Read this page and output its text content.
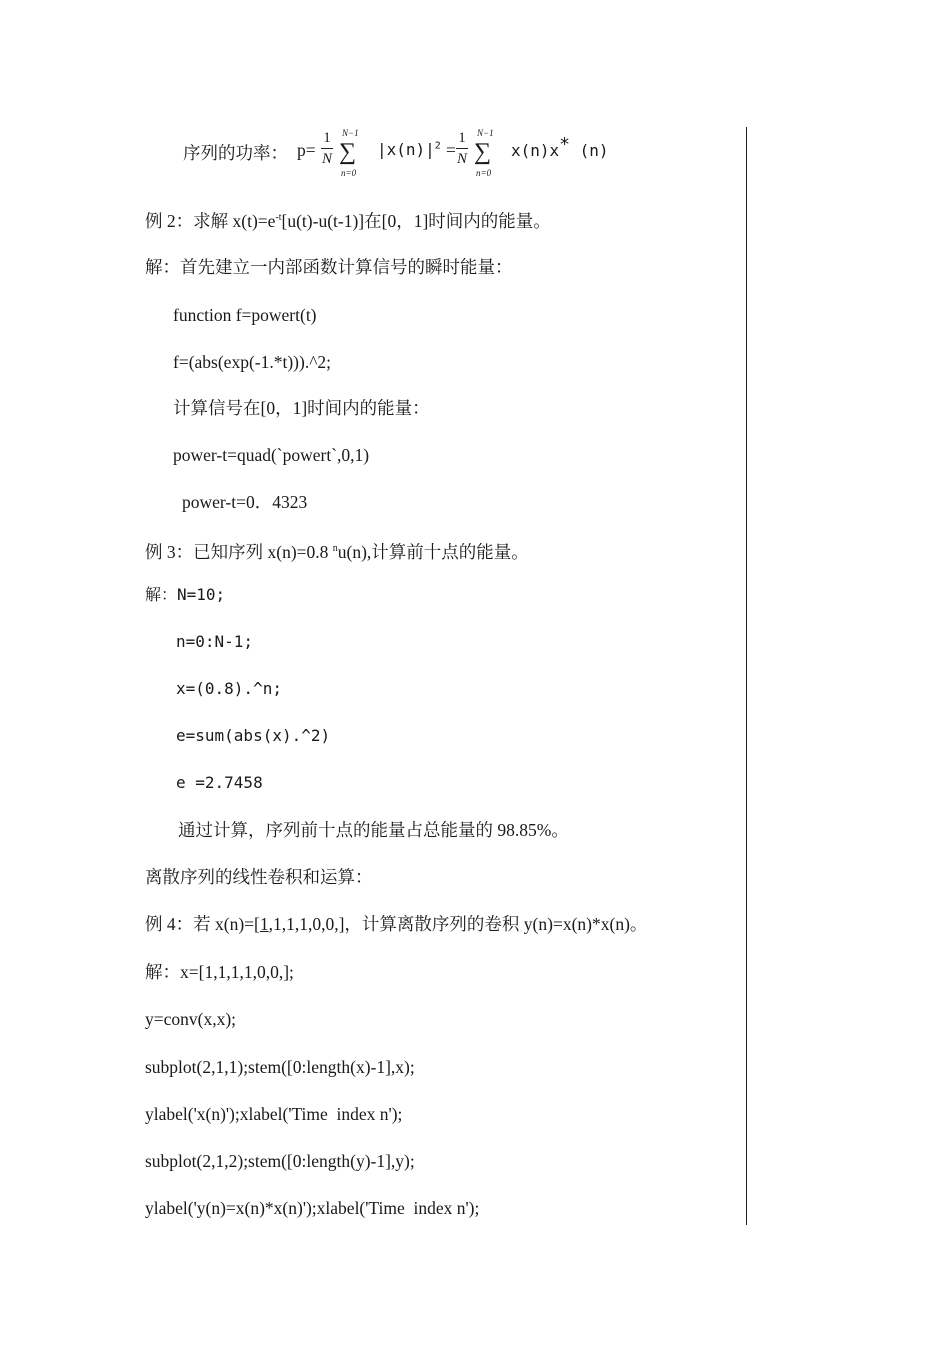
序列的功率： p=
1
N
N−1
∑
n=0
$|x(n)|^2$ =
1
N
N−1
∑
n=0
x(n)x* (n)
例 2：求解 $x(t)=e^{-t}[u(t)-u(t-1)]$在[0，1]时间内的能量。
解：首先建立一内部函数计算信号的瞬时能量：
function f=powert(t)
f=(abs(exp(-1.*t))).^2;
计算信号在[0，1]时间内的能量：
power-t=quad(`powert`,0,1)
power-t=0．4323
例 3：已知序列 x(n)=0.8 $^n$u(n),计算前十点的能量。
解：N=10;
n=0:N-1;
x=(0.8).^n;
e=sum(abs(x).^2)
e =2.7458
通过计算，序列前十点的能量占总能量的 98.85%。
离散序列的线性卷积和运算：
例 4：若 x(n)=[1,1,1,1,0,0,]，计算离散序列的卷积 y(n)=x(n)*x(n)。
解：x=[1,1,1,1,0,0,];
y=conv(x,x);
subplot(2,1,1);stem([0:length(x)-1],x);
ylabel('x(n)');xlabel('Time  index n');
subplot(2,1,2);stem([0:length(y)-1],y);
ylabel('y(n)=x(n)*x(n)');xlabel('Time  index n');
